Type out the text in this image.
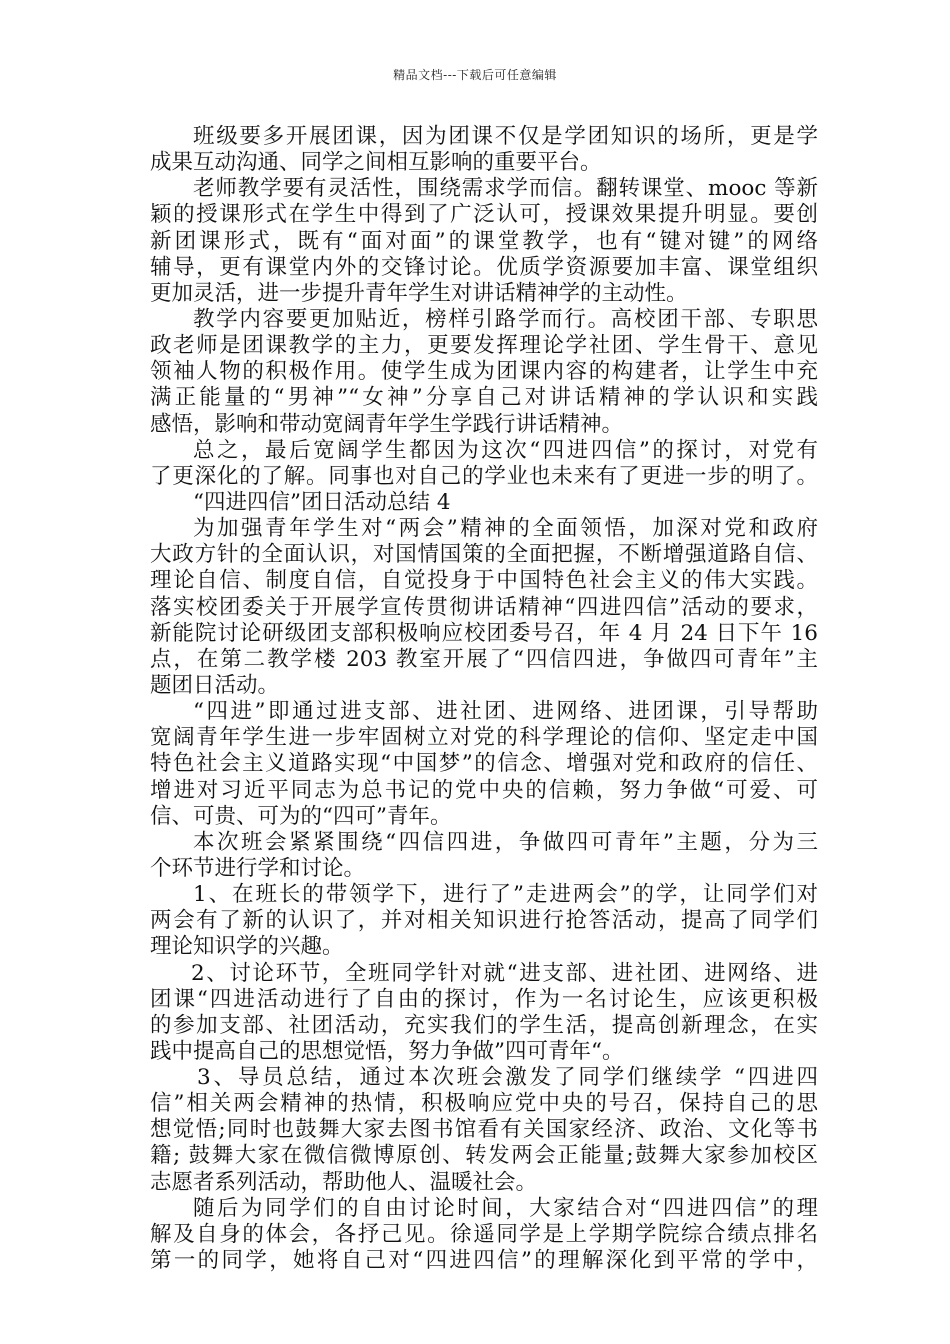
精品文档---下载后可任意编辑
班级要多开展团课，因为团课不仅是学团知识的场所，更是学
成果互动沟通、同学之间相互影响的重要平台。
老师教学要有灵活性，围绕需求学而信。翻转课堂、mooc 等新
颖的授课形式在学生中得到了广泛认可，授课效果提升明显。要创
新团课形式，既有“面对面”的课堂教学，也有“键对键”的网络
辅导，更有课堂内外的交锋讨论。优质学资源要加丰富、课堂组织
更加灵活，进一步提升青年学生对讲话精神学的主动性。
教学内容要更加贴近，榜样引路学而行。高校团干部、专职思
政老师是团课教学的主力，更要发挥理论学社团、学生骨干、意见
领袖人物的积极作用。使学生成为团课内容的构建者，让学生中充
满正能量的“男神”“女神”分享自己对讲话精神的学认识和实践
感悟，影响和带动宽阔青年学生学践行讲话精神。
总之，最后宽阔学生都因为这次“四进四信”的探讨，对党有
了更深化的了解。同事也对自己的学业也未来有了更进一步的明了。
“四进四信”团日活动总结 4
为加强青年学生对“两会”精神的全面领悟，加深对党和政府
大政方针的全面认识，对国情国策的全面把握，不断增强道路自信、
理论自信、制度自信，自觉投身于中国特色社会主义的伟大实践。
落实校团委关于开展学宣传贯彻讲话精神“四进四信”活动的要求，
新能院讨论研级团支部积极响应校团委号召，年 4 月 24 日下午 16
点，在第二教学楼 203 教室开展了“四信四进，争做四可青年”主
题团日活动。
“四进”即通过进支部、进社团、进网络、进团课，引导帮助
宽阔青年学生进一步牢固树立对党的科学理论的信仰、坚定走中国
特色社会主义道路实现“中国梦”的信念、增强对党和政府的信任、
增进对习近平同志为总书记的党中央的信赖，努力争做“可爱、可
信、可贵、可为的“四可”青年。
本次班会紧紧围绕“四信四进，争做四可青年”主题，分为三
个环节进行学和讨论。
1、在班长的带领学下，进行了”走进两会”的学，让同学们对
两会有了新的认识了，并对相关知识进行抢答活动，提高了同学们
理论知识学的兴趣。
2、讨论环节，全班同学针对就“进支部、进社团、进网络、进
团课“四进活动进行了自由的探讨，作为一名讨论生，应该更积极
的参加支部、社团活动，充实我们的学生活，提高创新理念，在实
践中提高自己的思想觉悟，努力争做”四可青年“。
3、导员总结，通过本次班会激发了同学们继续学 “四进四
信”相关两会精神的热情，积极响应党中央的号召，保持自己的思
想觉悟;同时也鼓舞大家去图书馆看有关国家经济、政治、文化等书
籍; 鼓舞大家在微信微博原创、转发两会正能量;鼓舞大家参加校区
志愿者系列活动，帮助他人、温暖社会。
随后为同学们的自由讨论时间，大家结合对“四进四信”的理
解及自身的体会，各抒己见。徐遥同学是上学期学院综合绩点排名
第一的同学，她将自己对“四进四信”的理解深化到平常的学中，
